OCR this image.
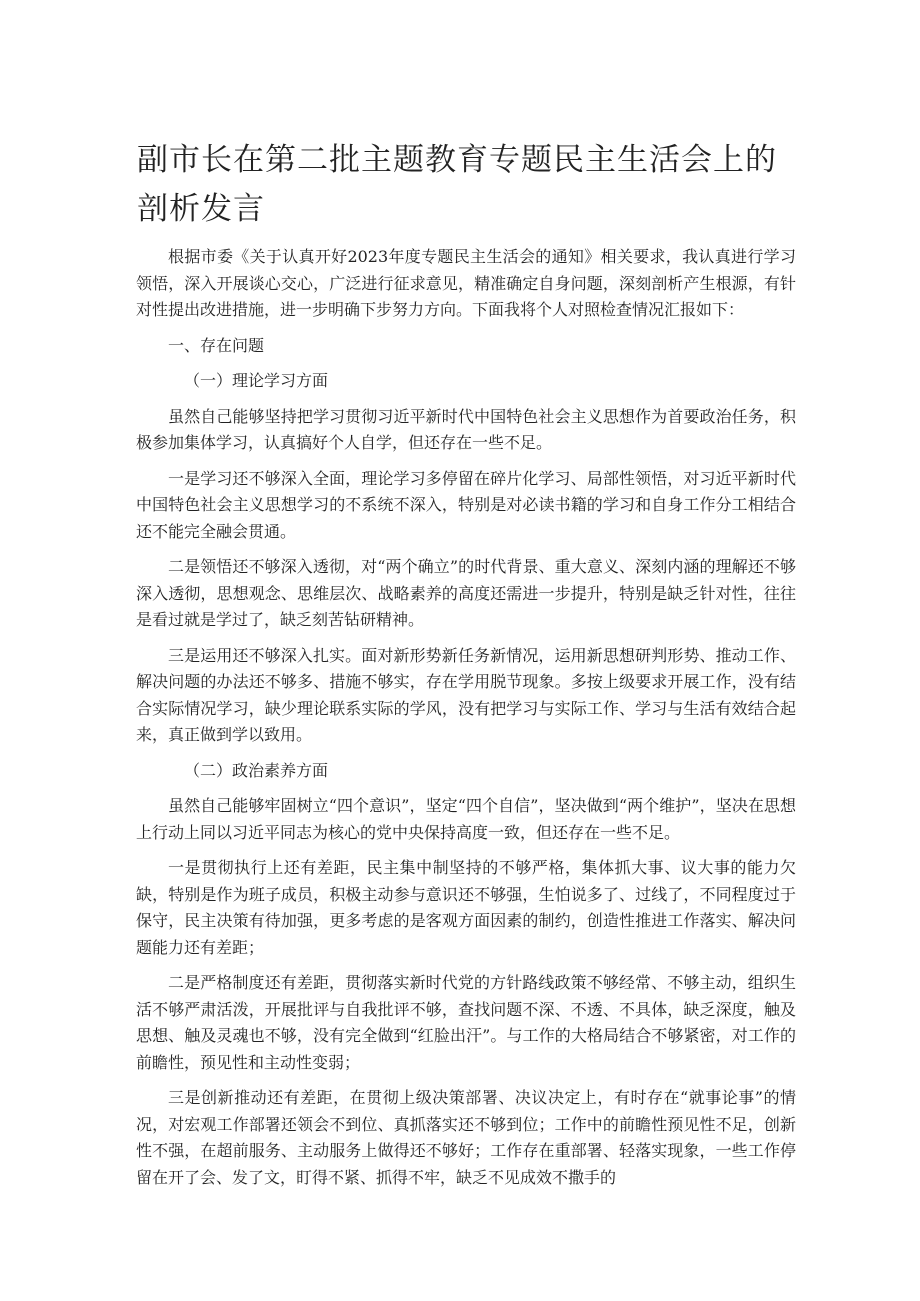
副市长在第二批主题教育专题民主生活会上的剖析发言

根据市委《关于认真开好2023年度专题民主生活会的通知》相关要求，我认真进行学习领悟，深入开展谈心交心，广泛进行征求意见，精准确定自身问题，深刻剖析产生根源，有针对性提出改进措施，进一步明确下步努力方向。下面我将个人对照检查情况汇报如下：

一、存在问题

（一）理论学习方面

虽然自己能够坚持把学习贯彻习近平新时代中国特色社会主义思想作为首要政治任务，积极参加集体学习，认真搞好个人自学，但还存在一些不足。

一是学习还不够深入全面，理论学习多停留在碎片化学习、局部性领悟，对习近平新时代中国特色社会主义思想学习的不系统不深入，特别是对必读书籍的学习和自身工作分工相结合还不能完全融会贯通。

二是领悟还不够深入透彻，对“两个确立”的时代背景、重大意义、深刻内涵的理解还不够深入透彻，思想观念、思维层次、战略素养的高度还需进一步提升，特别是缺乏针对性，往往是看过就是学过了，缺乏刻苦钻研精神。

三是运用还不够深入扎实。面对新形势新任务新情况，运用新思想研判形势、推动工作、解决问题的办法还不够多、措施不够实，存在学用脱节现象。多按上级要求开展工作，没有结合实际情况学习，缺少理论联系实际的学风，没有把学习与实际工作、学习与生活有效结合起来，真正做到学以致用。

（二）政治素养方面

虽然自己能够牢固树立“四个意识”，坚定“四个自信”，坚决做到“两个维护”，坚决在思想上行动上同以习近平同志为核心的党中央保持高度一致，但还存在一些不足。

一是贯彻执行上还有差距，民主集中制坚持的不够严格，集体抓大事、议大事的能力欠缺，特别是作为班子成员，积极主动参与意识还不够强，生怕说多了、过线了，不同程度过于保守，民主决策有待加强，更多考虑的是客观方面因素的制约，创造性推进工作落实、解决问题能力还有差距；

二是严格制度还有差距，贯彻落实新时代党的方针路线政策不够经常、不够主动，组织生活不够严肃活泼，开展批评与自我批评不够，查找问题不深、不透、不具体，缺乏深度，触及思想、触及灵魂也不够，没有完全做到“红脸出汗”。与工作的大格局结合不够紧密，对工作的前瞻性，预见性和主动性变弱；

三是创新推动还有差距，在贯彻上级决策部署、决议决定上，有时存在“就事论事”的情况，对宏观工作部署还领会不到位、真抓落实还不够到位；工作中的前瞻性预见性不足，创新性不强，在超前服务、主动服务上做得还不够好；工作存在重部署、轻落实现象，一些工作停留在开了会、发了文，盯得不紧、抓得不牢，缺乏不见成效不撒手的
